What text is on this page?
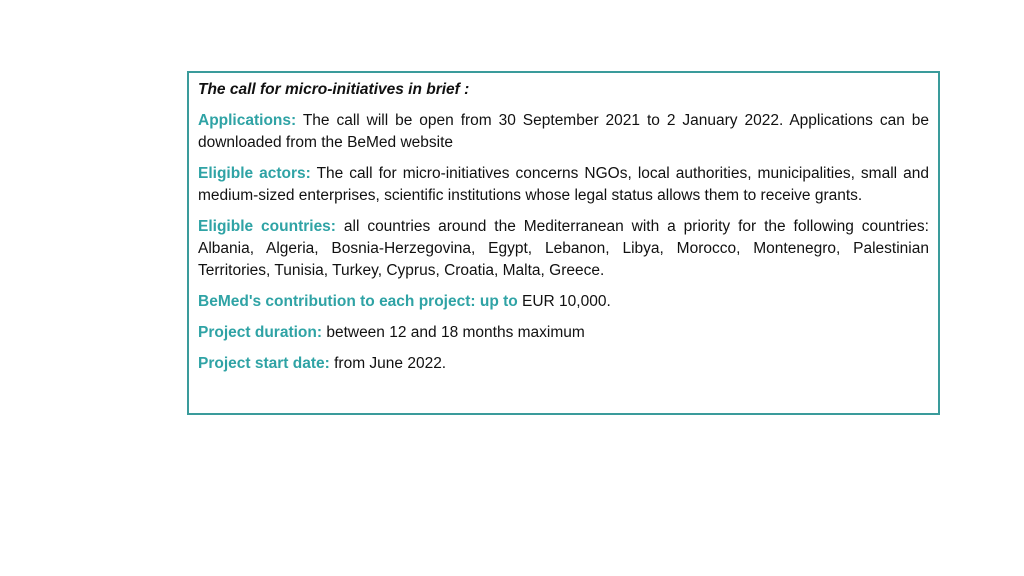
The call for micro-initiatives in brief :

Applications: The call will be open from 30 September 2021 to 2 January 2022. Applications can be downloaded from the BeMed website

Eligible actors: The call for micro-initiatives concerns NGOs, local authorities, municipalities, small and medium-sized enterprises, scientific institutions whose legal status allows them to receive grants.

Eligible countries: all countries around the Mediterranean with a priority for the following countries: Albania, Algeria, Bosnia-Herzegovina, Egypt, Lebanon, Libya, Morocco, Montenegro, Palestinian Territories, Tunisia, Turkey, Cyprus, Croatia, Malta, Greece.

BeMed's contribution to each project: up to EUR 10,000.

Project duration: between 12 and 18 months maximum

Project start date: from June 2022.
